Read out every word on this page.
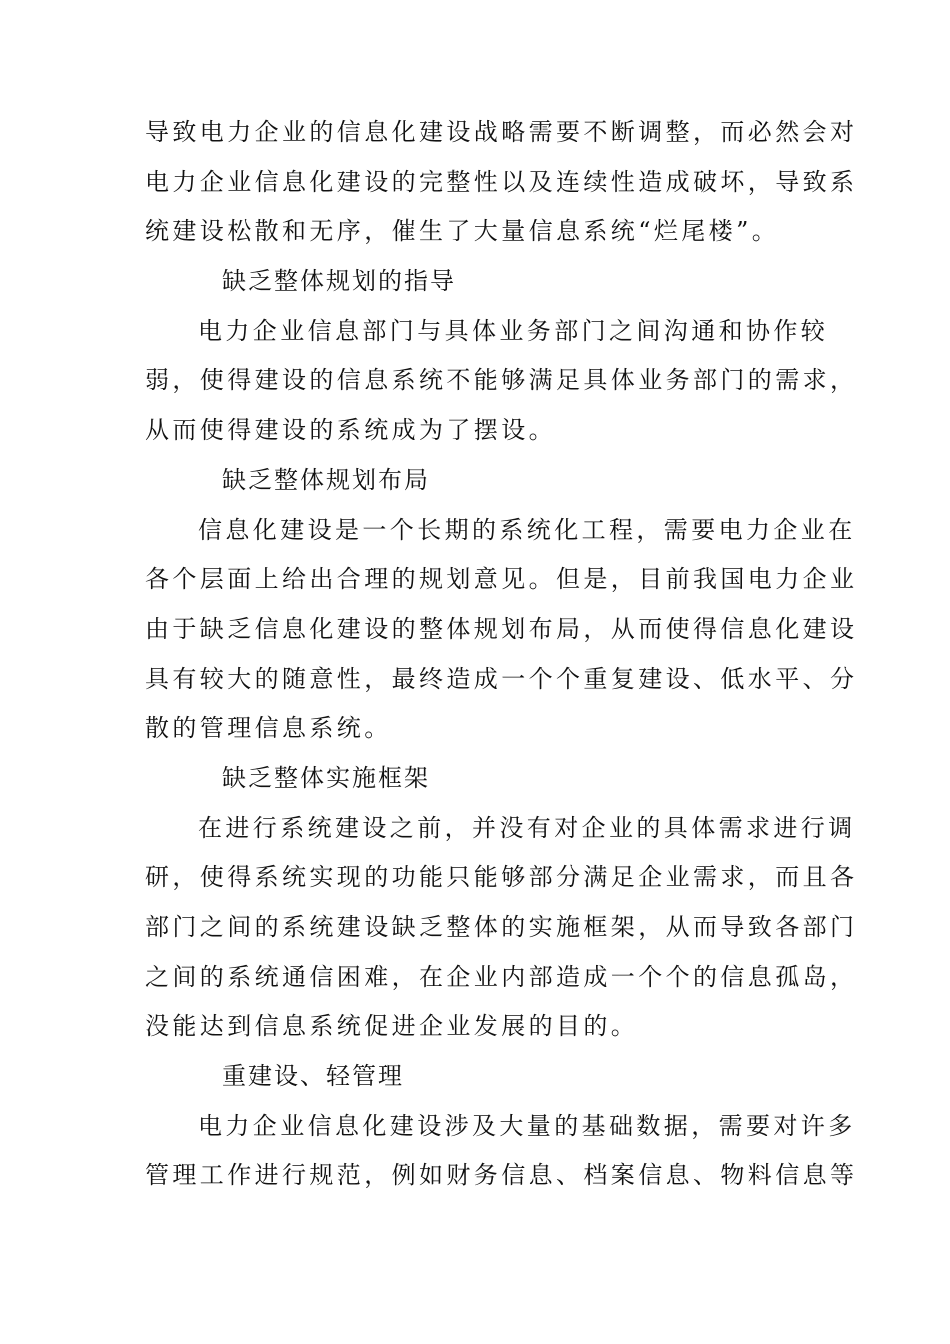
导致电力企业的信息化建设战略需要不断调整，而必然会对
电力企业信息化建设的完整性以及连续性造成破坏，导致系
统建设松散和无序，催生了大量信息系统“烂尾楼”。
缺乏整体规划的指导
电力企业信息部门与具体业务部门之间沟通和协作较
弱，使得建设的信息系统不能够满足具体业务部门的需求，
从而使得建设的系统成为了摆设。
缺乏整体规划布局
信息化建设是一个长期的系统化工程，需要电力企业在
各个层面上给出合理的规划意见。但是，目前我国电力企业
由于缺乏信息化建设的整体规划布局，从而使得信息化建设
具有较大的随意性，最终造成一个个重复建设、低水平、分
散的管理信息系统。
缺乏整体实施框架
在进行系统建设之前，并没有对企业的具体需求进行调
研，使得系统实现的功能只能够部分满足企业需求，而且各
部门之间的系统建设缺乏整体的实施框架，从而导致各部门
之间的系统通信困难，在企业内部造成一个个的信息孤岛，
没能达到信息系统促进企业发展的目的。
重建设、轻管理
电力企业信息化建设涉及大量的基础数据，需要对许多
管理工作进行规范，例如财务信息、档案信息、物料信息等
